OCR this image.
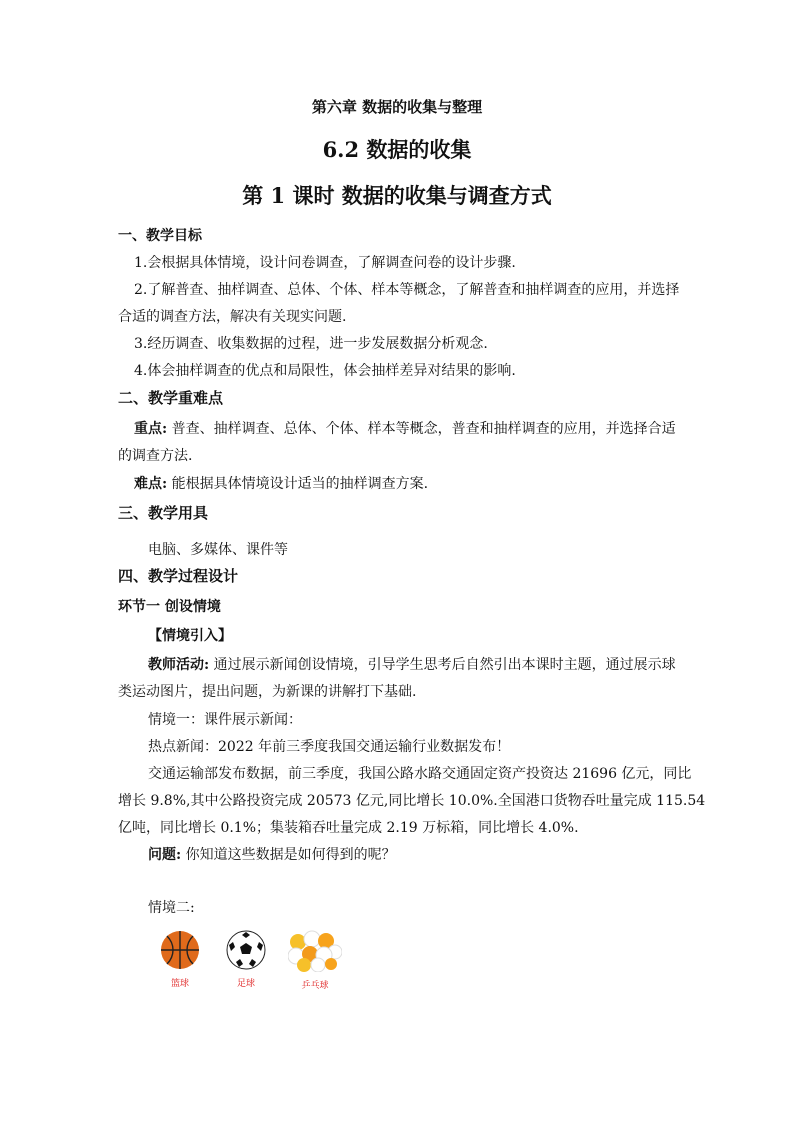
第六章 数据的收集与整理
6.2 数据的收集
第 1 课时 数据的收集与调查方式
一、教学目标
1.会根据具体情境，设计问卷调查，了解调查问卷的设计步骤.
2.了解普查、抽样调查、总体、个体、样本等概念，了解普查和抽样调查的应用，并选择
合适的调查方法，解决有关现实问题.
3.经历调查、收集数据的过程，进一步发展数据分析观念.
4.体会抽样调查的优点和局限性，体会抽样差异对结果的影响.
二、教学重难点
重点: 普查、抽样调查、总体、个体、样本等概念，普查和抽样调查的应用，并选择合适
的调查方法.
难点: 能根据具体情境设计适当的抽样调查方案.
三、教学用具
电脑、多媒体、课件等
四、教学过程设计
环节一 创设情境
【情境引入】
教师活动: 通过展示新闻创设情境，引导学生思考后自然引出本课时主题，通过展示球
类运动图片，提出问题，为新课的讲解打下基础.
情境一：课件展示新闻：
热点新闻：2022 年前三季度我国交通运输行业数据发布！
交通运输部发布数据，前三季度，我国公路水路交通固定资产投资达 21696 亿元，同比
增长 9.8%,其中公路投资完成 20573 亿元,同比增长 10.0%.全国港口货物吞吐量完成 115.54
亿吨，同比增长 0.1%；集装箱吞吐量完成 2.19 万标箱，同比增长 4.0%.
问题: 你知道这些数据是如何得到的呢？
情境二:
篮球	足球	乒乓球
